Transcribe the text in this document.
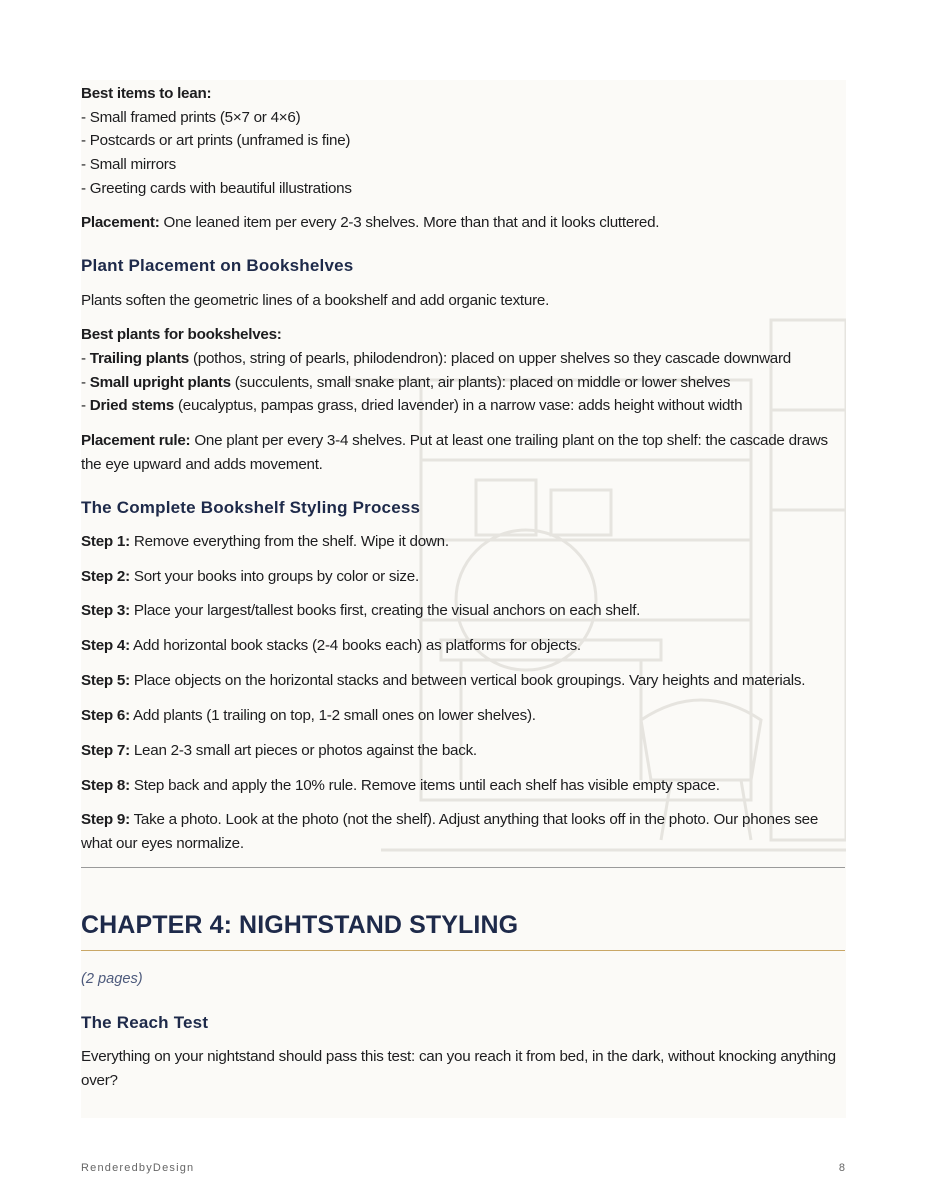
Best items to lean:
- Small framed prints (5×7 or 4×6)
- Postcards or art prints (unframed is fine)
- Small mirrors
- Greeting cards with beautiful illustrations
Placement: One leaned item per every 2-3 shelves. More than that and it looks cluttered.
Plant Placement on Bookshelves
Plants soften the geometric lines of a bookshelf and add organic texture.
Best plants for bookshelves:
- Trailing plants (pothos, string of pearls, philodendron): placed on upper shelves so they cascade downward
- Small upright plants (succulents, small snake plant, air plants): placed on middle or lower shelves
- Dried stems (eucalyptus, pampas grass, dried lavender) in a narrow vase: adds height without width
Placement rule: One plant per every 3-4 shelves. Put at least one trailing plant on the top shelf: the cascade draws the eye upward and adds movement.
The Complete Bookshelf Styling Process
Step 1: Remove everything from the shelf. Wipe it down.
Step 2: Sort your books into groups by color or size.
Step 3: Place your largest/tallest books first, creating the visual anchors on each shelf.
Step 4: Add horizontal book stacks (2-4 books each) as platforms for objects.
Step 5: Place objects on the horizontal stacks and between vertical book groupings. Vary heights and materials.
Step 6: Add plants (1 trailing on top, 1-2 small ones on lower shelves).
Step 7: Lean 2-3 small art pieces or photos against the back.
Step 8: Step back and apply the 10% rule. Remove items until each shelf has visible empty space.
Step 9: Take a photo. Look at the photo (not the shelf). Adjust anything that looks off in the photo. Our phones see what our eyes normalize.
CHAPTER 4: NIGHTSTAND STYLING
(2 pages)
The Reach Test
Everything on your nightstand should pass this test: can you reach it from bed, in the dark, without knocking anything over?
RenderedbyDesign	8
